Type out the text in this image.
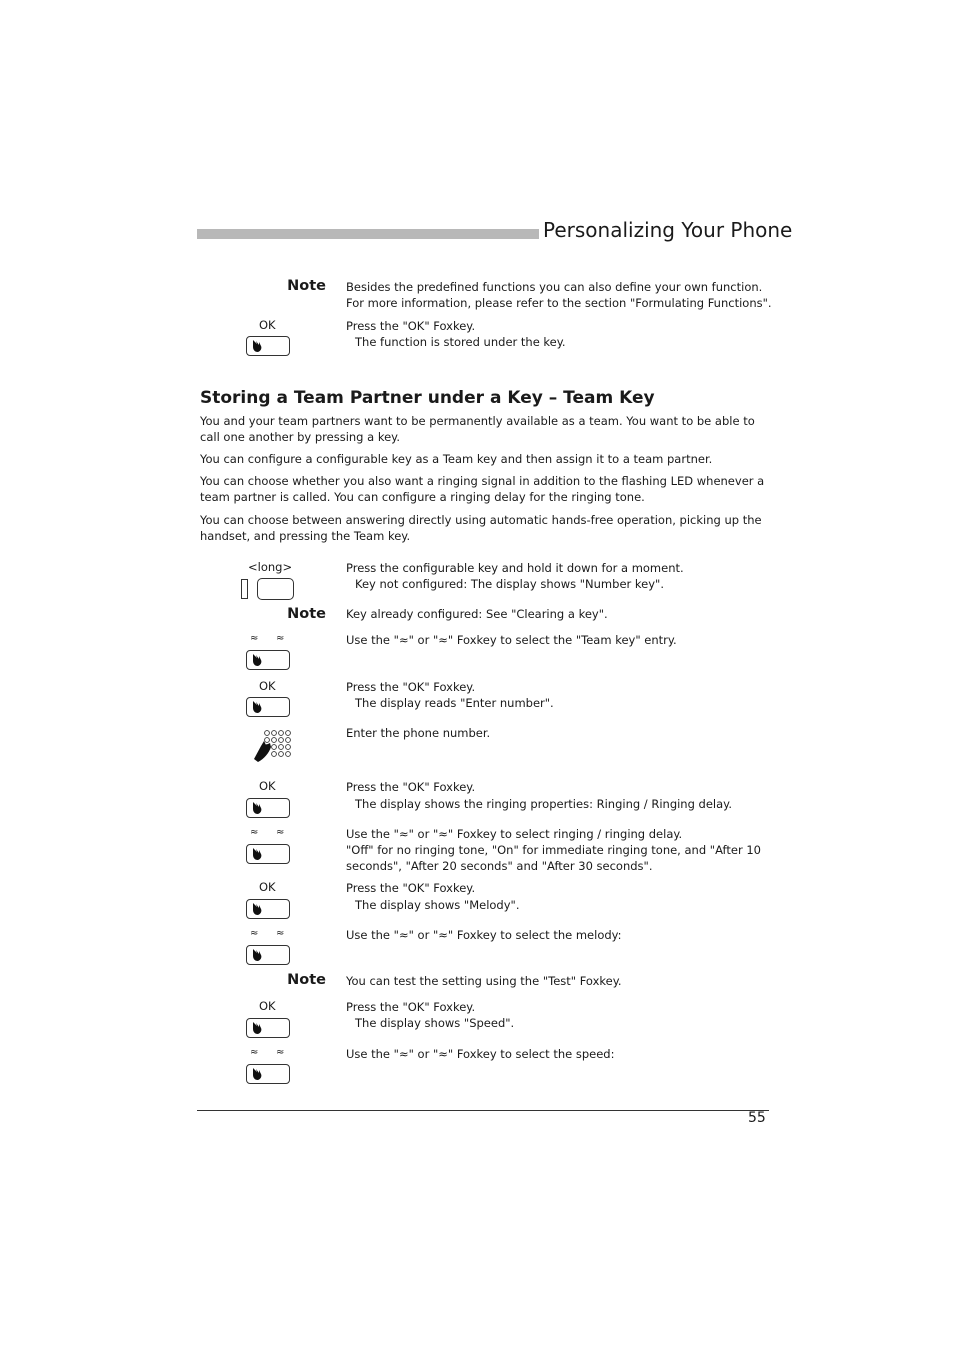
Personalizing Your Phone
Note Besides the predefined functions you can also define your own function.
For more information, please refer to the section "Formulating Functions".
OK	Press the "OK" Foxkey.
The function is stored under the key.
Storing a Team Partner under a Key – Team Key
You and your team partners want to be permanently available as a team. You want to be able to call one another by pressing a key.
You can configure a configurable key as a Team key and then assign it to a team partner.
You can choose whether you also want a ringing signal in addition to the flashing LED whenever a team partner is called. You can configure a ringing delay for the ringing tone.
You can choose between answering directly using automatic hands-free operation, picking up the handset, and pressing the Team key.
<long>	Press the configurable key and hold it down for a moment.
Key not configured: The display shows "Number key".
Note Key already configured: See "Clearing a key".
≈ ≈	Use the "≈" or "≈" Foxkey to select the "Team key" entry.
OK	Press the "OK" Foxkey.
The display reads "Enter number".
Enter the phone number.
OK	Press the "OK" Foxkey.
The display shows the ringing properties: Ringing / Ringing delay.
≈ ≈	Use the "≈" or "≈" Foxkey to select ringing / ringing delay.
"Off" for no ringing tone, "On" for immediate ringing tone, and "After 10
seconds", "After 20 seconds" and "After 30 seconds".
OK	Press the "OK" Foxkey.
The display shows "Melody".
≈ ≈	Use the "≈" or "≈" Foxkey to select the melody:
Note You can test the setting using the "Test" Foxkey.
OK	Press the "OK" Foxkey.
The display shows "Speed".
≈ ≈	Use the "≈" or "≈" Foxkey to select the speed:
55
